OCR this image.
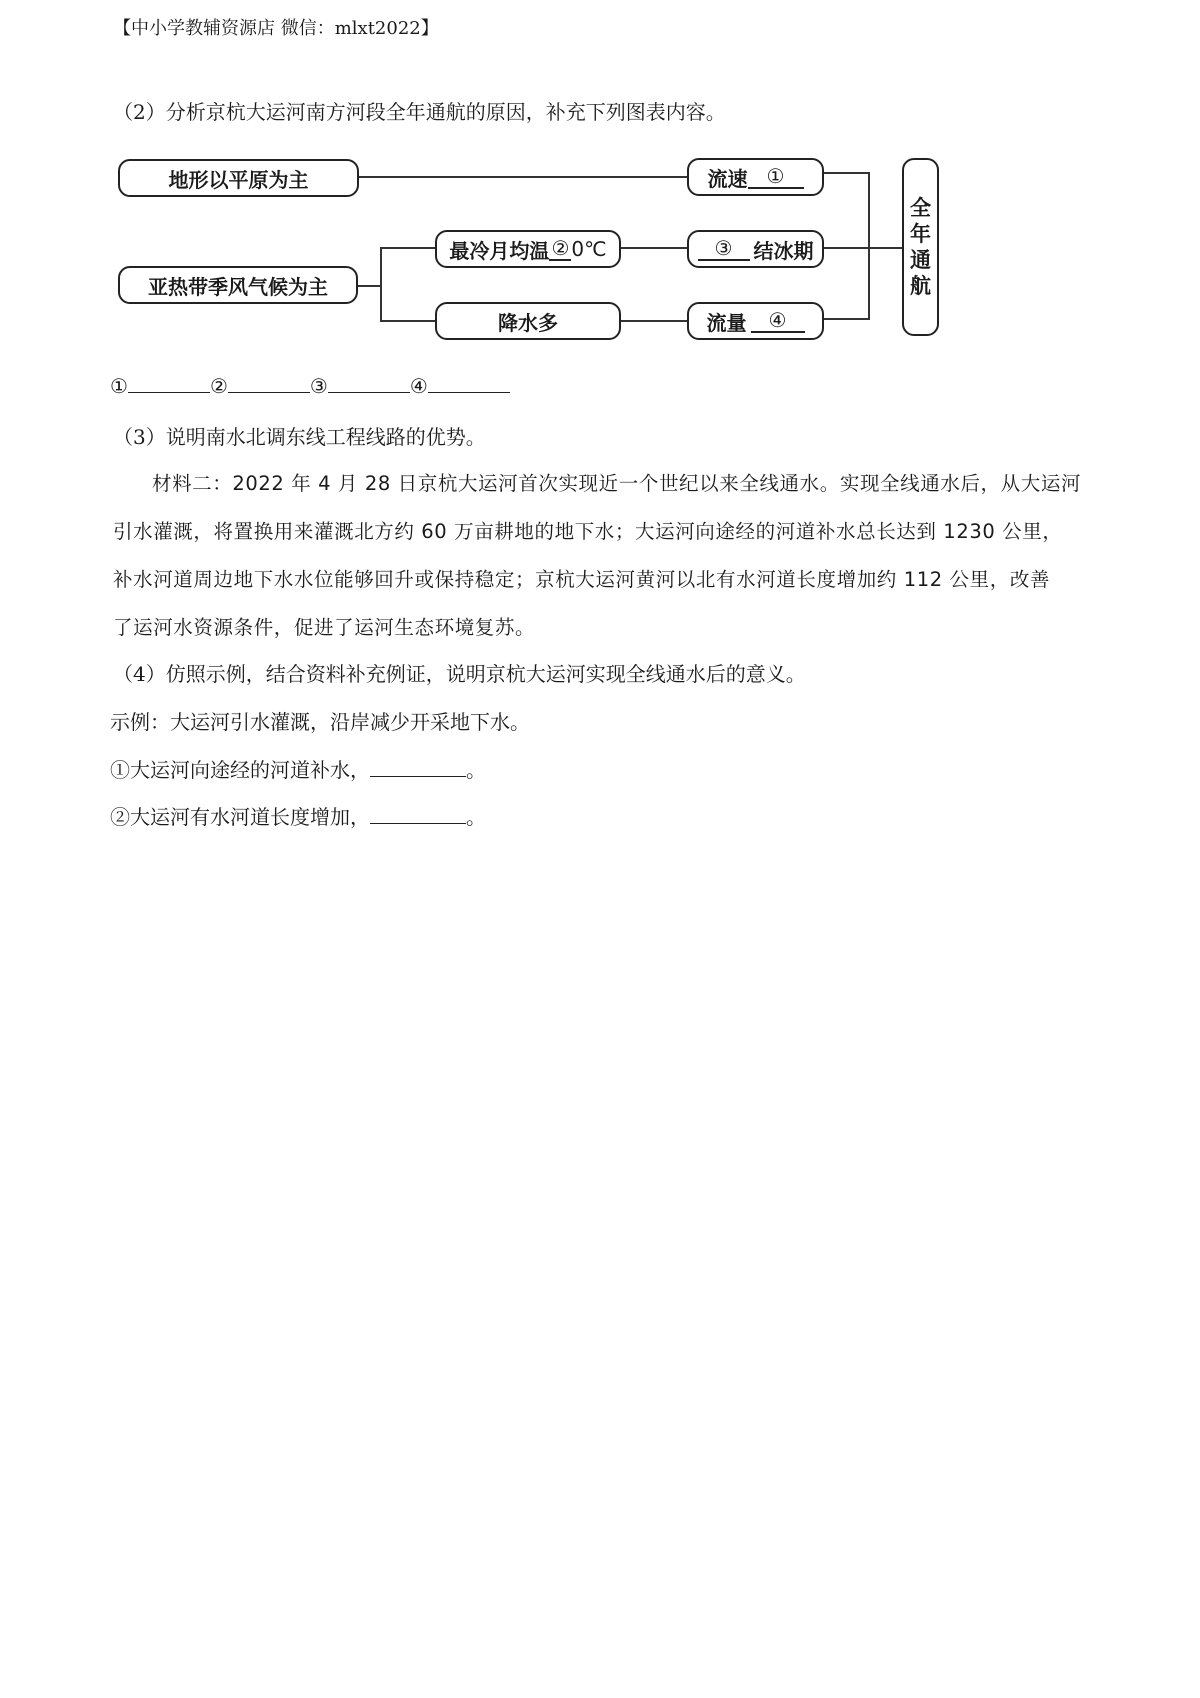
【中小学教辅资源店 微信：mlxt2022】
（2）分析京杭大运河南方河段全年通航的原因，补充下列图表内容。
地形以平原为主
亚热带季风气候为主
最冷月均温 ② 0℃
降水多
流速 ①
③	结冰期
流量	④
全
年
通
航
①	②	③	④
（3）说明南水北调东线工程线路的优势。
材料二：2022 年 4 月 28 日京杭大运河首次实现近一个世纪以来全线通水。实现全线通水后，从大运河
引水灌溉，将置换用来灌溉北方约 60 万亩耕地的地下水；大运河向途经的河道补水总长达到 1230 公里，
补水河道周边地下水水位能够回升或保持稳定；京杭大运河黄河以北有水河道长度增加约 112 公里，改善
了运河水资源条件，促进了运河生态环境复苏。
（4）仿照示例，结合资料补充例证，说明京杭大运河实现全线通水后的意义。
示例：大运河引水灌溉，沿岸减少开采地下水。
①大运河向途经的河道补水，	。
②大运河有水河道长度增加，	。
